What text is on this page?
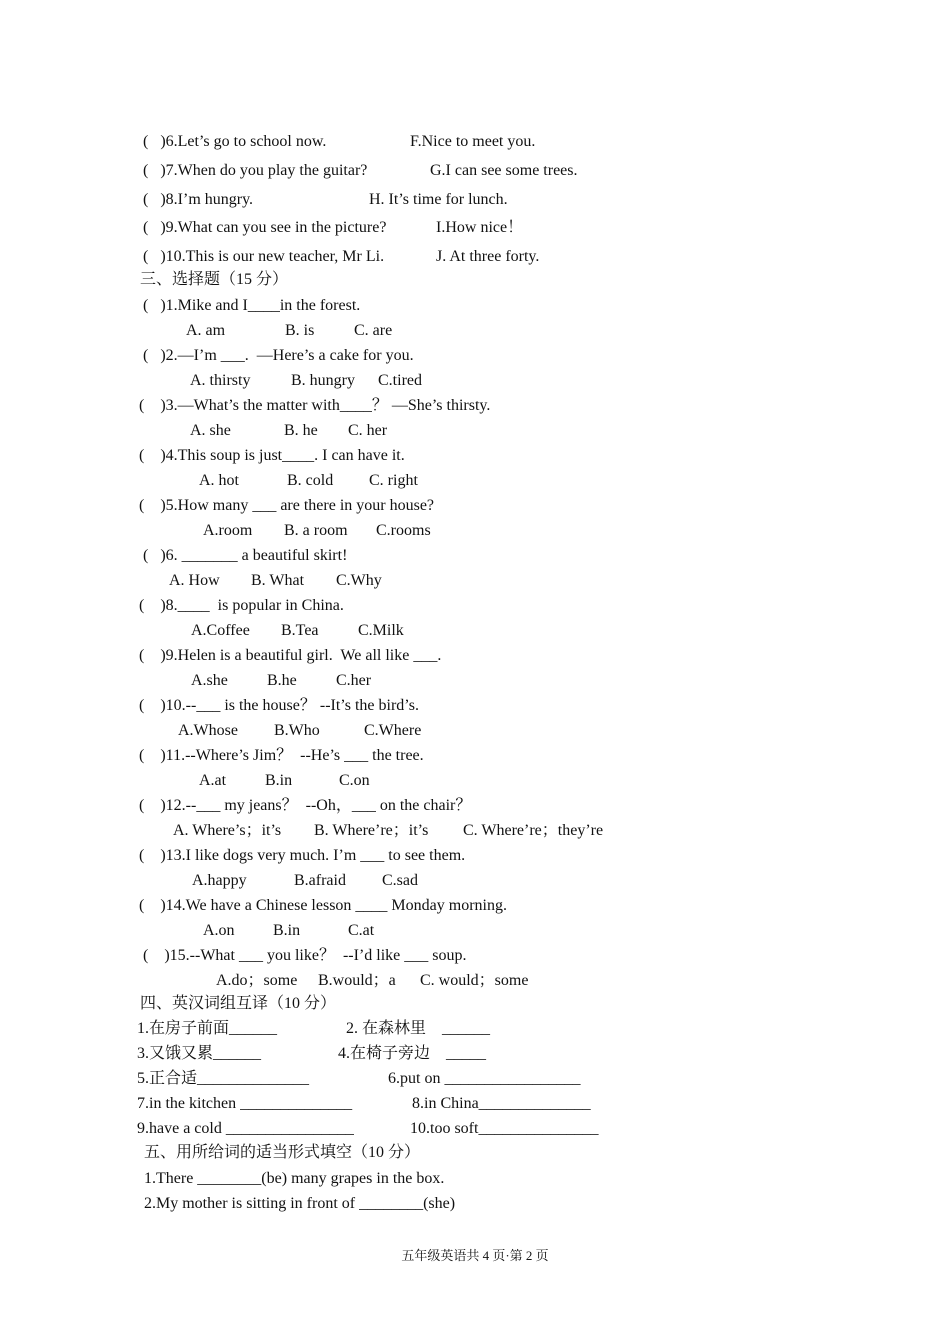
(   )6.Let’s go to school now.	F.Nice to meet you.
(   )7.When do you play the guitar?	G.I can see some trees.
(   )8.I’m hungry.	H. It’s time for lunch.
(   )9.What can you see in the picture?	I.How nice！
(   )10.This is our new teacher, Mr Li.	J. At three forty.
三、选择题（15 分）
(   )1.Mike and I____in the forest.
A. am	B. is C. are
(   )2.—I’m ___.  —Here’s a cake for you.
A. thirsty	B. hungry C.tired
(    )3.—What’s the matter with____？ —She’s thirsty.
A. she	B. he C. her
(    )4.This soup is just____. I can have it.
A. hot	B. cold C. right
(    )5.How many ___ are there in your house?
A.room B. a room C.rooms
(   )6. _______ a beautiful skirt!
A. How B. What C.Why
(    )8.____  is popular in China.
A.Coffee B.Tea C.Milk
(    )9.Helen is a beautiful girl.  We all like ___.
A.she B.he C.her
(    )10.--___ is the house？ --It’s the bird’s.
A.Whose B.Who	C.Where
(    )11.--Where’s Jim？  --He’s ___ the tree.
A.at B.in	C.on
(    )12.--___ my jeans？  --Oh，___ on the chair？
A. Where’s；it’s B. Where’re；it’s C. Where’re；they’re
(    )13.I like dogs very much. I’m ___ to see them.
A.happy	B.afraid C.sad
(    )14.We have a Chinese lesson ____ Monday morning.
A.on B.in	C.at
(    )15.--What ___ you like？  --I’d like ___ soup.
A.do；some B.would；a C. would；some
四、英汉词组互译（10 分）
1.在房子前面______	2. 在森林里    ______
3.又饿又累______	4.在椅子旁边    _____
5.正合适______________	6.put on _________________
7.in the kitchen ______________	8.in China______________
9.have a cold ________________	10.too soft_______________
五、用所给词的适当形式填空（10 分）
1.There ________(be) many grapes in the box.
2.My mother is sitting in front of ________(she)
五年级英语共 4 页·第 2 页
